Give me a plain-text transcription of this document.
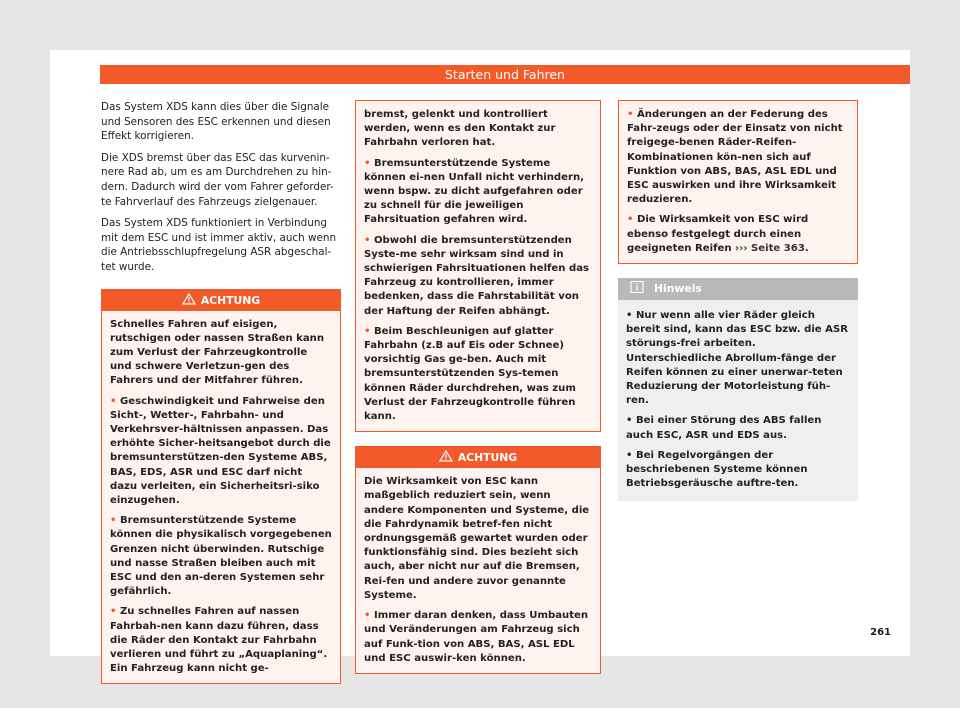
Starten und Fahren

Das System XDS kann dies über die Signale und Sensoren des ESC erkennen und diesen Effekt korrigieren.

Die XDS bremst über das ESC das kurvenin-nere Rad ab, um es am Durchdrehen zu hin-dern. Dadurch wird der vom Fahrer geforder-te Fahrverlauf des Fahrzeugs zielgenauer.

Das System XDS funktioniert in Verbindung mit dem ESC und ist immer aktiv, auch wenn die Antriebsschlupfregelung ASR abgeschal-tet wurde.

ACHTUNG

Schnelles Fahren auf eisigen, rutschigen oder nassen Straßen kann zum Verlust der Fahrzeugkontrolle und schwere Verletzun-gen des Fahrers und der Mitfahrer führen.

• Geschwindigkeit und Fahrweise den Sicht-, Wetter-, Fahrbahn- und Verkehrsver-hältnissen anpassen. Das erhöhte Sicher-heitsangebot durch die bremsunterstützen-den Systeme ABS, BAS, EDS, ASR und ESC darf nicht dazu verleiten, ein Sicherheitsri-siko einzugehen.

• Bremsunterstützende Systeme können die physikalisch vorgegebenen Grenzen nicht überwinden. Rutschige und nasse Straßen bleiben auch mit ESC und den an-deren Systemen sehr gefährlich.

• Zu schnelles Fahren auf nassen Fahrbah-nen kann dazu führen, dass die Räder den Kontakt zur Fahrbahn verlieren und führt zu „Aquaplaning“. Ein Fahrzeug kann nicht ge-

bremst, gelenkt und kontrolliert werden, wenn es den Kontakt zur Fahrbahn verloren hat.

• Bremsunterstützende Systeme können ei-nen Unfall nicht verhindern, wenn bspw. zu dicht aufgefahren oder zu schnell für die jeweiligen Fahrsituation gefahren wird.

• Obwohl die bremsunterstützenden Syste-me sehr wirksam sind und in schwierigen Fahrsituationen helfen das Fahrzeug zu kontrollieren, immer bedenken, dass die Fahrstabilität von der Haftung der Reifen abhängt.

• Beim Beschleunigen auf glatter Fahrbahn (z.B auf Eis oder Schnee) vorsichtig Gas ge-ben. Auch mit bremsunterstützenden Sys-temen können Räder durchdrehen, was zum Verlust der Fahrzeugkontrolle führen kann.

ACHTUNG

Die Wirksamkeit von ESC kann maßgeblich reduziert sein, wenn andere Komponenten und Systeme, die die Fahrdynamik betref-fen nicht ordnungsgemäß gewartet wurden oder funktionsfähig sind. Dies bezieht sich auch, aber nicht nur auf die Bremsen, Rei-fen und andere zuvor genannte Systeme.

• Immer daran denken, dass Umbauten und Veränderungen am Fahrzeug sich auf Funk-tion von ABS, BAS, ASL EDL und ESC auswir-ken können.

• Änderungen an der Federung des Fahr-zeugs oder der Einsatz von nicht freigege-benen Räder-Reifen-Kombinationen kön-nen sich auf Funktion von ABS, BAS, ASL EDL und ESC auswirken und ihre Wirksamkeit reduzieren.

• Die Wirksamkeit von ESC wird ebenso festgelegt durch einen geeigneten Reifen ››› Seite 363.

Hinweis

• Nur wenn alle vier Räder gleich bereit sind, kann das ESC bzw. die ASR störungs-frei arbeiten. Unterschiedliche Abrollum-fänge der Reifen können zu einer unerwar-teten Reduzierung der Motorleistung füh-ren.

• Bei einer Störung des ABS fallen auch ESC, ASR und EDS aus.

• Bei Regelvorgängen der beschriebenen Systeme können Betriebsgeräusche auftre-ten.

261
